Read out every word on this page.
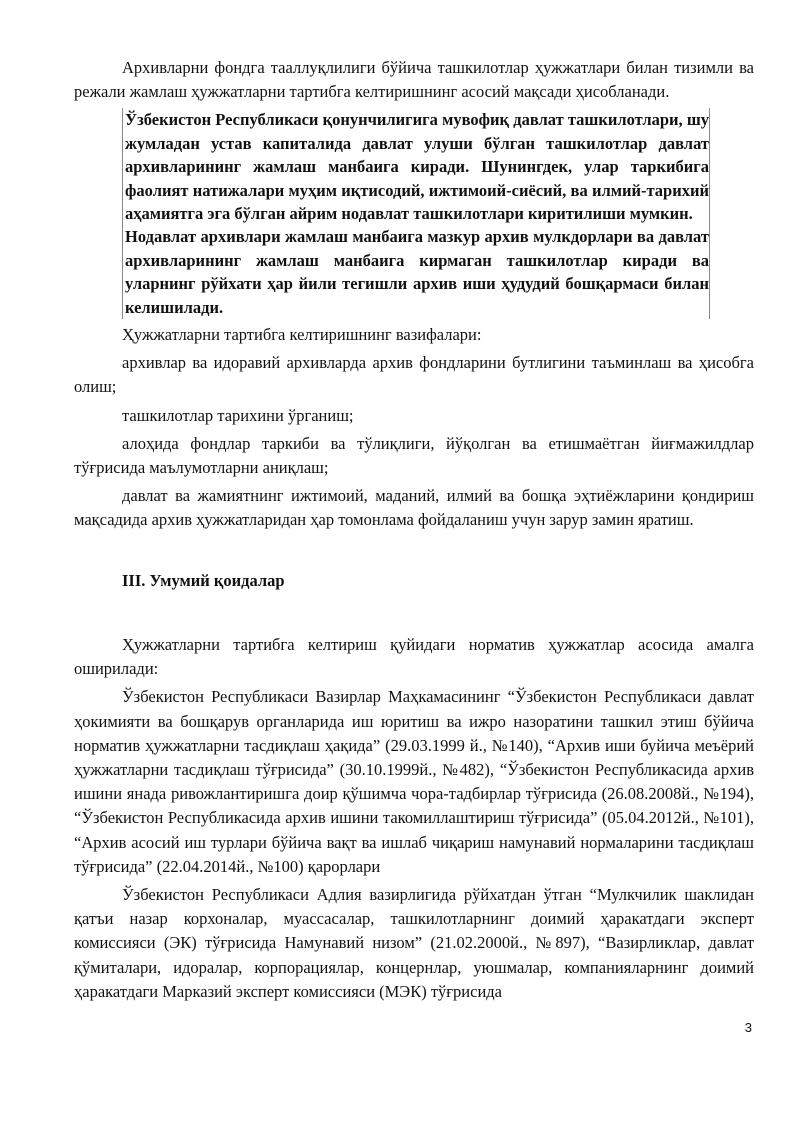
Архивларни фондга тааллуқлилиги бўйича ташкилотлар ҳужжатлари билан тизимли ва режали жамлаш ҳужжатларни тартибга келтиришнинг асосий мақсади ҳисобланади.

Ўзбекистон Республикаси қонунчилигига мувофиқ давлат ташкилотлари, шу жумладан устав капиталида давлат улуши бўлган ташкилотлар давлат архивларининг жамлаш манбаига киради. Шунингдек, улар таркибига фаолият натижалари муҳим иқтисодий, ижтимоий-сиёсий, ва илмий-тарихий аҳамиятга эга бўлган айрим нодавлат ташкилотлари киритилиши мумкин.

Нодавлат архивлари жамлаш манбаига мазкур архив мулкдорлари ва давлат архивларининг жамлаш манбаига кирмаган ташкилотлар киради ва уларнинг рўйхати ҳар йили тегишли архив иши ҳудудий бошқармаси билан келишилади.

Ҳужжатларни тартибга келтиришнинг вазифалари:

архивлар ва идоравий архивларда архив фондларини бутлигини таъминлаш ва ҳисобга олиш;

ташкилотлар тарихини ўрганиш;

алоҳида фондлар таркиби ва тўлиқлиги, йўқолган ва етишмаётган йиғмажилдлар тўғрисида маълумотларни аниқлаш;

давлат ва жамиятнинг ижтимоий, маданий, илмий ва бошқа эҳтиёжларини қондириш мақсадида архив ҳужжатларидан ҳар томонлама фойдаланиш учун зарур замин яратиш.

III. Умумий қоидалар

Ҳужжатларни тартибга келтириш қуйидаги норматив ҳужжатлар асосида амалга оширилади:

Ўзбекистон Республикаси Вазирлар Маҳкамасининг “Ўзбекистон Республикаси давлат ҳокимияти ва бошқарув органларида иш юритиш ва ижро назоратини ташкил этиш бўйича норматив ҳужжатларни тасдиқлаш ҳақида” (29.03.1999 й., №140), “Архив иши буйича меъёрий ҳужжатларни тасдиқлаш тўғрисида” (30.10.1999й., №482), “Ўзбекистон Республикасида архив ишини янада ривожлантиришга доир қўшимча чора-тадбирлар тўғрисида (26.08.2008й., №194), “Ўзбекистон Республикасида архив ишини такомиллаштириш тўғрисида” (05.04.2012й., №101), “Архив асосий иш турлари бўйича вақт ва ишлаб чиқариш намунавий нормаларини тасдиқлаш тўғрисида” (22.04.2014й., №100) қарорлари

Ўзбекистон Республикаси Адлия вазирлигида рўйхатдан ўтган “Мулкчилик шаклидан қатъи назар корхоналар, муассасалар, ташкилотларнинг доимий ҳаракатдаги эксперт комиссияси (ЭК) тўғрисида Намунавий низом” (21.02.2000й., №897), “Вазирликлар, давлат қўмиталари, идоралар, корпорациялар, концернлар, уюшмалар, компанияларнинг доимий ҳаракатдаги Марказий эксперт комиссияси (МЭК) тўғрисида

3
